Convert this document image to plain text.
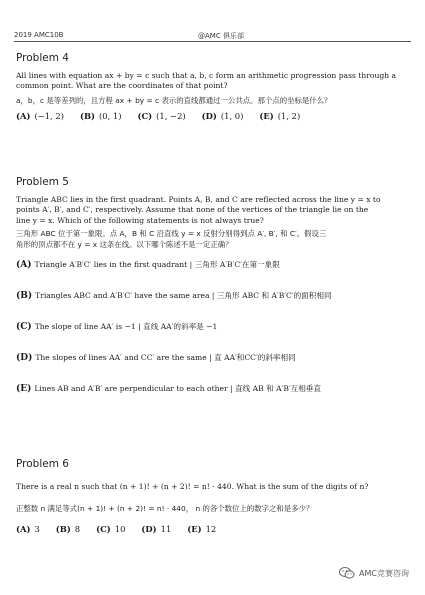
2019 AMC10B	@AMC 俱乐部

Problem 4

All lines with equation ax + by = c such that a, b, c form an arithmetic progression pass through a common point. What are the coordinates of that point?

a，b，c 是等差列的，且方程 ax + by = c 表示的直线都通过一公共点。那个点的坐标是什么？

(A) (−1, 2) (B) (0, 1) (C) (1, −2) (D) (1, 0) (E) (1, 2)

Problem 5

Triangle ABC lies in the first quadrant. Points A, B, and C are reflected across the line y = x to

points A′, B′, and C′, respectively. Assume that none of the vertices of the triangle lie on the

line y = x. Which of the following statements is not always true?

三角形 ABC 位于第一象限。点 A，B 和 C 沿直线 y = x 反射分别得到点 A′, B′, 和 C′。假设三

角形的顶点都不在 y = x 这条在线。以下哪个陈述不是一定正确？

(A) Triangle A′B′C′ lies in the first quadrant | 三角形 A′B′C′在第一象限

(B) Triangles ABC and A′B′C′ have the same area | 三角形 ABC 和 A′B′C′的面积相同

(C) The slope of line AA′ is −1 | 直线 AA′的斜率是 −1

(D) The slopes of lines AA′ and CC′ are the same | 直 AA′和CC′的斜率相同

(E) Lines AB and A′B′ are perpendicular to each other | 直线 AB 和 A′B′互相垂直

Problem 6

There is a real n such that (n + 1)! + (n + 2)! = n! · 440. What is the sum of the digits of n?

正整数 n 满足等式(n + 1)! + (n + 2)! = n! · 440， n 的各个数位上的数字之和是多少？

(A) 3 (B) 8 (C) 10 (D) 11 (E) 12
AMC竞赛咨询
